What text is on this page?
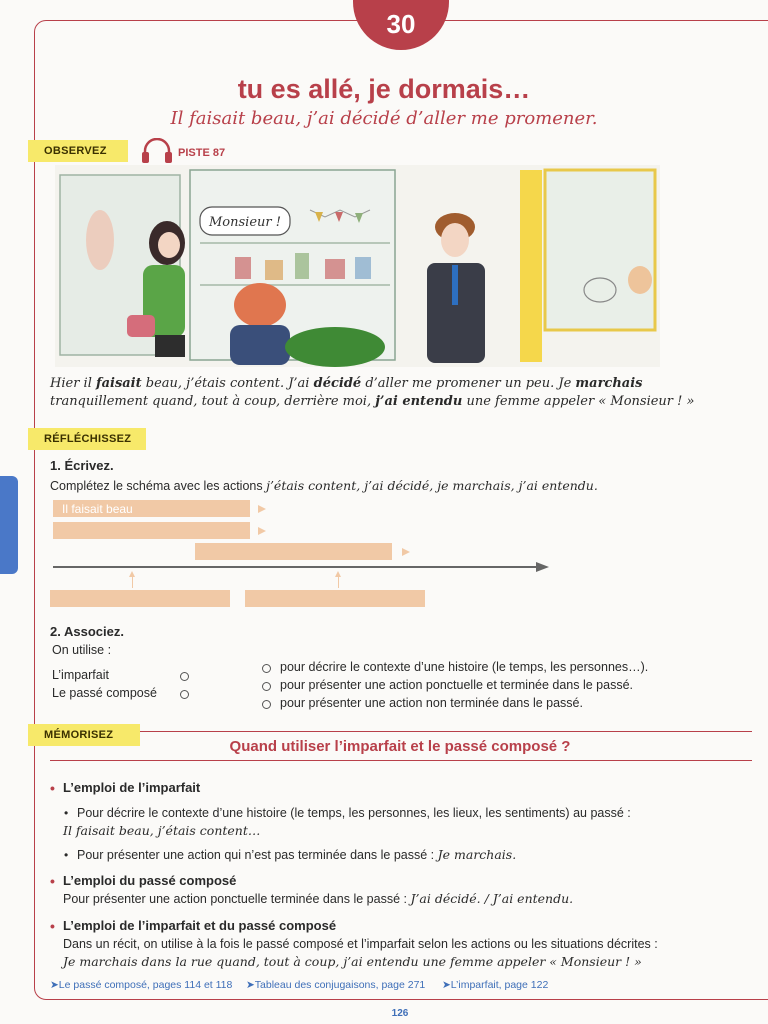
30
tu es allé, je dormais…
Il faisait beau, j’ai décidé d’aller me promener.
OBSERVEZ	PISTE 87
Monsieur !
Hier il faisait beau, j’étais content. J’ai décidé d’aller me promener un peu. Je marchais tranquillement quand, tout à coup, derrière moi, j’ai entendu une femme appeler « Monsieur ! »
RÉFLÉCHISSEZ
1. Écrivez.
Complétez le schéma avec les actions j’étais content, j’ai décidé, je marchais, j’ai entendu.
Il faisait beau
2. Associez.
On utilise :
L’imparfait
Le passé composé
pour décrire le contexte d’une histoire (le temps, les personnes…).
pour présenter une action ponctuelle et terminée dans le passé.
pour présenter une action non terminée dans le passé.
MÉMORISEZ
Quand utiliser l’imparfait et le passé composé ?
• L’emploi de l’imparfait
• Pour décrire le contexte d’une histoire (le temps, les personnes, les lieux, les sentiments) au passé :
Il faisait beau, j’étais content…
• Pour présenter une action qui n’est pas terminée dans le passé : Je marchais.
• L’emploi du passé composé
Pour présenter une action ponctuelle terminée dans le passé : J’ai décidé. / J’ai entendu.
• L’emploi de l’imparfait et du passé composé
Dans un récit, on utilise à la fois le passé composé et l’imparfait selon les actions ou les situations décrites :
Je marchais dans la rue quand, tout à coup, j’ai entendu une femme appeler « Monsieur ! »
➤Le passé composé, pages 114 et 118 ➤Tableau des conjugaisons, page 271 ➤L’imparfait, page 122
126
